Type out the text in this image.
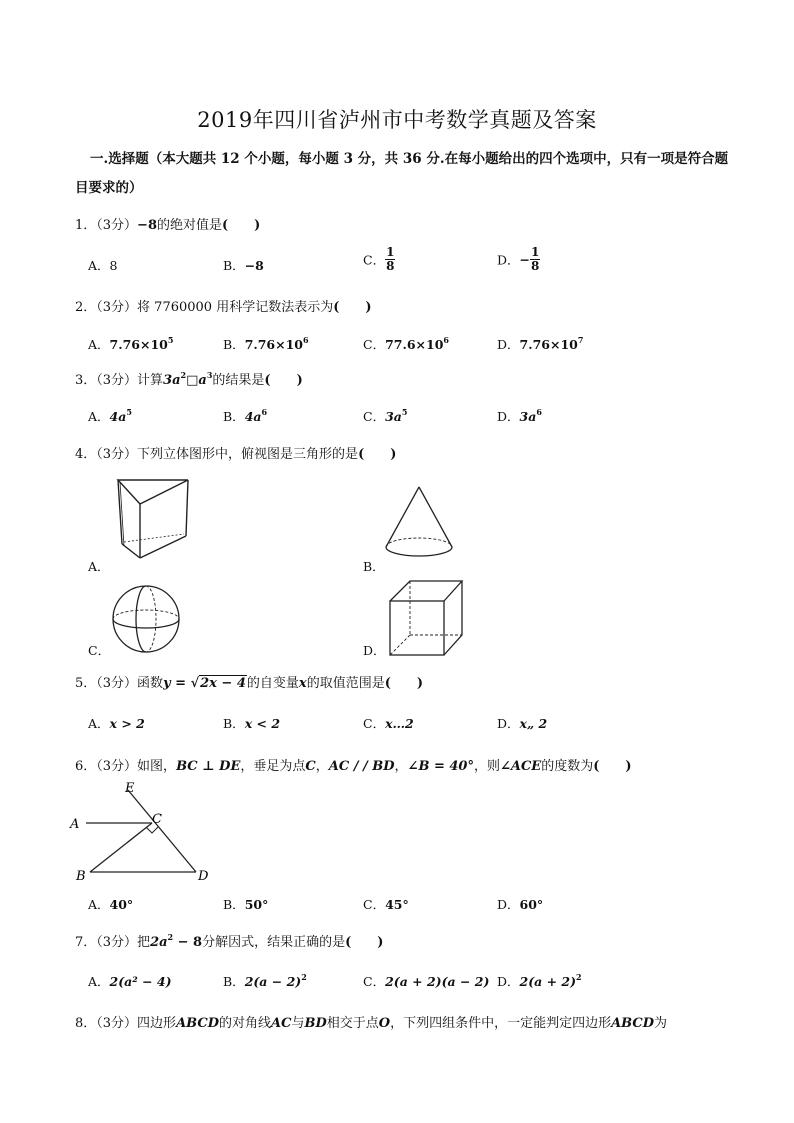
2019年四川省泸州市中考数学真题及答案
一.选择题（本大题共 12 个小题，每小题 3 分，共 36 分.在每小题给出的四个选项中，只有一项是符合题
目要求的）
1．（3分）−8的绝对值是(　　)
A．8	B．−8	C． $\frac{1}{8}$	D．− $\frac{1}{8}$
2．（3分）将 7760000 用科学记数法表示为(　　)
A．$7.76\times 10^5$	B．$7.76\times 10^6$	C．$77.6\times 10^6$	D．$7.76\times 10^7$
3．（3分）计算$3a^2□a^3$的结果是(　　)
A．$4a^5$	B．$4a^6$	C．$3a^5$	D．$3a^6$
4．（3分）下列立体图形中，俯视图是三角形的是(　　)
A．	B．
C．	D．
5．（3分）函数y = √2x − 4的自变量x的取值范围是(　　)
A．x > 2	B．x < 2	C．x…2	D．x„ 2
6．（3分）如图，BC ⊥ DE，垂足为点C，AC / / BD，∠B = 40°，则∠ACE的度数为(　　)
E
A	C
B	D
A．40°	B．50°	C．45°	D．60°
7．（3分）把$2a^2 - 8$分解因式，结果正确的是(　　)
A．2(a² − 4)	B．$2(a - 2)^2$	C．2(a + 2)(a − 2) D．$2(a + 2)^2$
8．（3分）四边形ABCD的对角线AC与BD相交于点O，下列四组条件中，一定能判定四边形ABCD为
